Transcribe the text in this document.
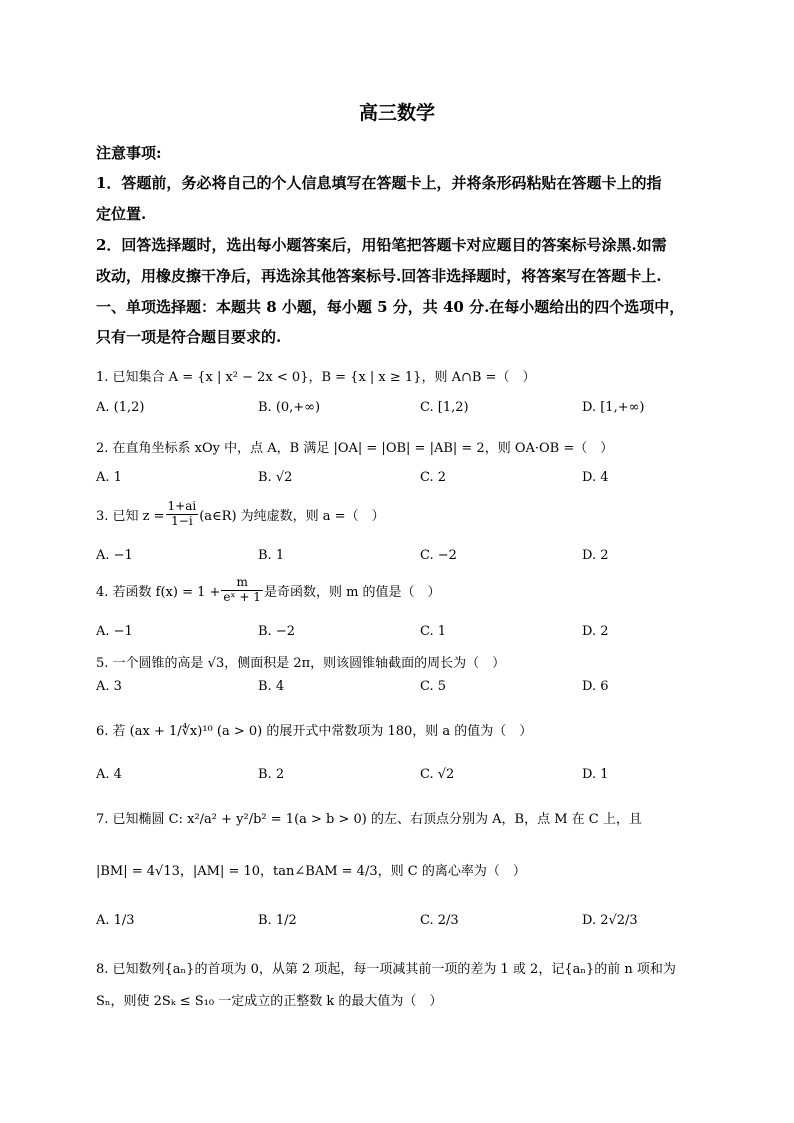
高三数学
注意事项:
1．答题前，务必将自己的个人信息填写在答题卡上，并将条形码粘贴在答题卡上的指
定位置.
2．回答选择题时，选出每小题答案后，用铅笔把答题卡对应题目的答案标号涂黑.如需
改动，用橡皮擦干净后，再选涂其他答案标号.回答非选择题时，将答案写在答题卡上.
一、单项选择题：本题共 8 小题，每小题 5 分，共 40 分.在每小题给出的四个选项中，
只有一项是符合题目要求的.
1. 已知集合 A = {x | x² − 2x < 0}，B = {x | x ≥ 1}，则 A∩B =（　）
A. (1,2)	B. (0,+∞)	C. [1,2)	D. [1,+∞)
2. 在直角坐标系 xOy 中，点 A，B 满足 |OA| = |OB| = |AB| = 2，则 OA·OB =（　）
A. 1	B. √2	C. 2	D. 4
3. 已知 $z = \frac{1+ai}{1-i}$ (a∈R) 为纯虚数，则 a =（　）
A. −1	B. 1	C. −2	D. 2
4. 若函数 $f(x) = 1 + \frac{m}{\text{eˣ + 1}}$ 是奇函数，则 m 的值是（　）
A. −1	B. −2	C. 1	D. 2
5. 一个圆锥的高是 √3，侧面积是 2π，则该圆锥轴截面的周长为（　）
A. 3	B. 4	C. 5	D. 6
6. 若 (ax + 1/∜x)¹⁰ (a > 0) 的展开式中常数项为 180，则 a 的值为（　）
A. 4	B. 2	C. √2	D. 1
7. 已知椭圆 C: x²/a² + y²/b² = 1(a > b > 0) 的左、右顶点分别为 A，B，点 M 在 C 上，且
|BM| = 4√13，|AM| = 10，tan∠BAM = 4/3，则 C 的离心率为（　）
A. 1/3	B. 1/2	C. 2/3	D. 2√2/3
8. 已知数列{aₙ}的首项为 0，从第 2 项起，每一项减其前一项的差为 1 或 2，记{aₙ}的前 n 项和为
Sₙ，则使 2Sₖ ≤ S₁₀ 一定成立的正整数 k 的最大值为（　）
